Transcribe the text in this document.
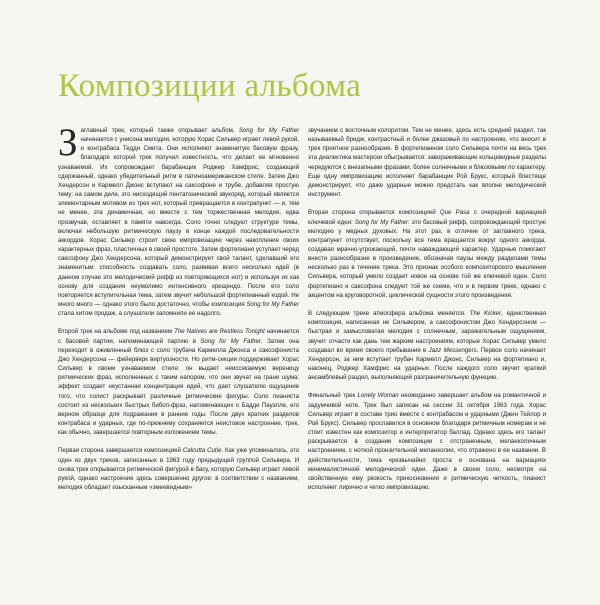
Композиции альбома

Заглавный трек, который также открывает альбом, Song for My Father начинается с унисона мелодии, которую Хорас Сильвер играет левой рукой, и контрабаса Тедди Смита. Они исполняют знаменитую басовую фразу, благодаря которой трек получил известность, что делает ее мгновенно узнаваемой. Их сопровождает барабанщик Роджер Хамфрис, создающий сдержанный, однако убедительный ритм в латиноамериканском стиле. Затем Джо Хендерсон и Кармелл Джонс вступают на саксофоне и трубе, добавляя простую тему: на самом деле, это нисходящий пентатонический звукоряд, который является элементарным мотивом из трех нот, который превращается в контрапункт — и, тем не менее, эта динамичная, но вместе с тем торжественная мелодия, едва прозвучав, оставляет в памяти навсегда. Соло точно следуют структуре темы, включая небольшую ритмическую паузу в конце каждой последовательности аккордов. Хорас Сильвер строит свою импровизацию через накопление своих характерных фраз, пластичных в своей простоте. Затем фортепиано уступает черед саксофону Джо Хендерсона, который демонстрирует свой талант, сделавший его знаменитым: способность создавать соло, развивая всего несколько идей (в данном случае это мелодический рифф из повторяющихся нот) и используя их как основу для создания неумолимо интенсивного крещендо. После его соло повторяется вступительная тема, затем звучит небольшой фортепианный кодой. Не много много — однако этого было достаточно, чтобы композиция Song for My Father стала хитом продаж, а слушатели запомнили ее надолго.

Второй трек на альбоме под названием The Natives are Restless Tonight начинается с басовой партии, напоминающей партию в Song for My Father. Затем она переходит в оживленный блюз с соло трубача Кармелла Джонса и саксофониста Джо Хендерсона — фейерверк виртуозности. Но ритм-секция поддерживает Хорас Сильвер в своем узнаваемом стиле: он выдает неиссякаемую вереницу ритмических фраз, исполненных с таким напором, что они звучат на грани шума; эффект создает неустанная концентрация идей, что дает слушателю ощущение того, что солист раскрывает различные ритмические фигуры. Соло пианиста состоит из нескольких быстрых бибоп-фраз, напоминающих о Бадде Пауэлле, его верном образце для подражания в ранние годы. После двух кратких разделов контрабаса и ударных, где по-прежнему сохраняется неистовое настроение, трек, как обычно, завершается повторным изложением темы.

Первая сторона завершается композицией Calcutta Cutie. Как уже упоминалось, это один из двух треков, записанных в 1963 году предыдущей группой Сильвера. И снова трек открывается ритмической фигурой в басу, которую Сильвер играет левой рукой, однако настроение здесь совершенно другое: в соответствии с названием, мелодия обладает изысканным «змеевидным»

звучанием с восточным колоритом. Тем не менее, здесь есть средний раздел, так называемый бридж, контрастный и более джазовый по настроению, что вносит в трек приятное разнообразие. В фортепианном соло Сильвера почти на весь трек эта диалектика мастерски обыгрывается: завораживающие кольцевидные разделы чередуются с внезапными фразами, более солнечными и блюзовыми по характеру. Еще одну импровизацию исполняет барабанщик Рой Брукс, который блестяще демонстрирует, что даже ударные можно предстать как вполне мелодический инструмент.

Вторая сторона открывается композицией Que Pasa с очередной вариацией ключевой идеи: Song for My Father: это басовый рифф, сопровождающий простую мелодию у медных духовых. На этот раз, в отличие от заглавного трека, контрапункт отсутствует, поскольку вся тема вращается вокруг одного аккорда, создавая мрачно-угрожающий, почти наваждающий характер. Ударные помогают внести разнообразие в произведение, обозначая паузы между разделами темы несколько раз в течение трека. Это признак особого композиторского мышления Сильвера, который умело создает новое на основе той же ключевой идеи. Соло фортепиано и саксофона следуют той же схеме, что и в первом треке, однако с акцентом на круговоротной, циклической сущности этого произведения.

В следующем треке атмосфера альбома меняется. The Kicker, единственная композиция, написанная не Сильвером, а саксофонистом Джо Хендерсоном — быстрая и замысловатая мелодия с солнечным, заражательным ощущением, звучит отчасти как дань тем жарким настроениям, которые Хорас Сильвер умело создавал во время своего пребывания в Jazz Messengers. Первое соло начинает Хендерсон, за ним вступает трубач Кармелл Джонс, Сильвер на фортепиано и, наконец, Роджер Хамфрис на ударных. После каждого соло звучит краткий ансамблевый раздел, выполняющий разграничительную функцию.

Финальный трек Lonely Woman неожиданно завершает альбом на романтичной и задумчивой ноте. Трек был записан на сессии 31 октября 1963 года. Хорас Сильвер играет в составе трио вместе с контрабасом и ударными (Джин Тейлор и Рой Брукс). Сильвер прославился в основном благодаря ритмичным номерам и не стоит известен как композитор и интерпретатор баллад. Однако здесь его талант раскрывается в создании композиции с отстраненным, меланхоличным настроением, с ноткой пронзительной меланхолии, что отражено в ее названии. В действительности, тема чрезвычайно проста и основана на вариациях минималистичной мелодической идеи. Даже в своем соло, несмотря на свойственную ему резкость прикосновения и ритмическую четкость, пианист исполняет лирично и четко импровизацию.
